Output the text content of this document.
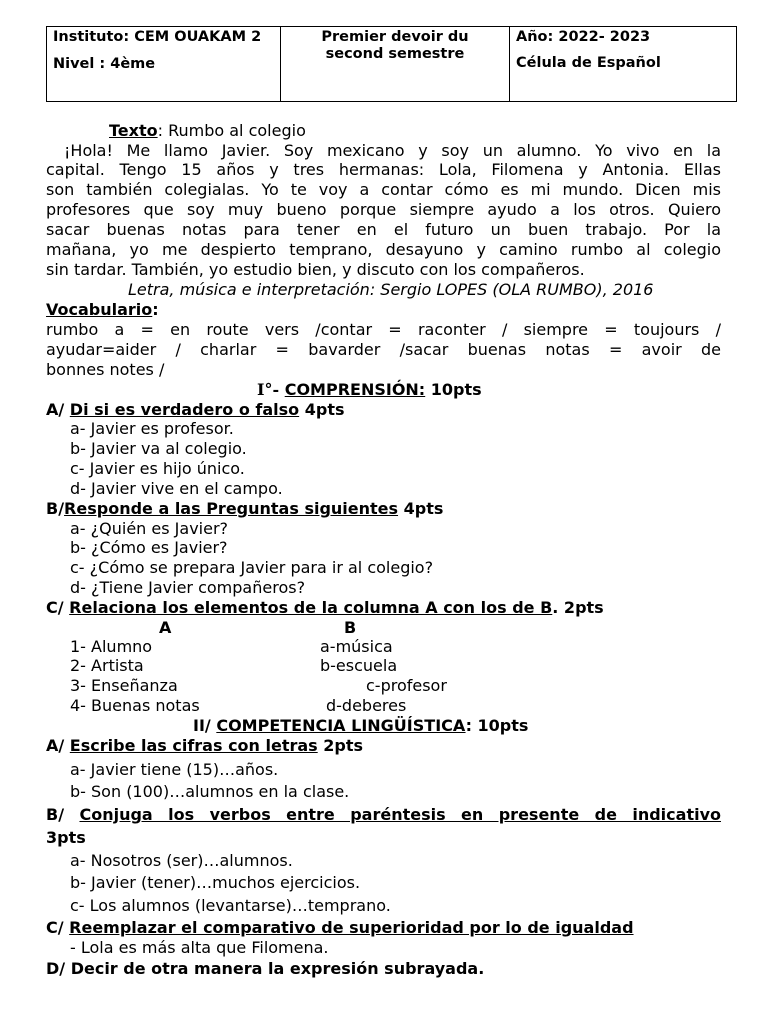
Instituto: CEM OUAKAM 2
Nivel : 4ème

Premier devoir du
second semestre

Año: 2022- 2023
Célula de Español
Texto: Rumbo al colegio
¡Hola! Me llamo Javier. Soy mexicano y soy un alumno. Yo vivo en la
capital. Tengo 15 años y tres hermanas: Lola, Filomena y Antonia. Ellas
son también colegialas. Yo te voy a contar cómo es mi mundo. Dicen mis
profesores que soy muy bueno porque siempre ayudo a los otros. Quiero
sacar buenas notas para tener en el futuro un buen trabajo. Por la
mañana, yo me despierto temprano, desayuno y camino rumbo al colegio
sin tardar. También, yo estudio bien, y discuto con los compañeros.
Letra, música e interpretación: Sergio LOPES (OLA RUMBO), 2016
Vocabulario:
rumbo a = en route vers /contar = raconter / siempre = toujours /
ayudar=aider / charlar = bavarder /sacar buenas notas = avoir de
bonnes notes /
I°- COMPRENSIÓN: 10pts
A/ Di si es verdadero o falso 4pts
a- Javier es profesor.
b- Javier va al colegio.
c- Javier es hijo único.
d- Javier vive en el campo.
B/Responde a las Preguntas siguientes 4pts
a- ¿Quién es Javier?
b- ¿Cómo es Javier?
c- ¿Cómo se prepara Javier para ir al colegio?
d- ¿Tiene Javier compañeros?
C/ Relaciona los elementos de la columna A con los de B. 2pts
A	B
1- Alumno	a-música
2- Artista	b-escuela
3- Enseñanza	c-profesor
4- Buenas notas	d-deberes
II/ COMPETENCIA LINGÜÍSTICA: 10pts
A/ Escribe las cifras con letras 2pts
a- Javier tiene (15)…años.
b- Son (100)…alumnos en la clase.
B/ Conjuga los verbos entre paréntesis en presente de indicativo
3pts
a- Nosotros (ser)…alumnos.
b- Javier (tener)…muchos ejercicios.
c- Los alumnos (levantarse)…temprano.
C/ Reemplazar el comparativo de superioridad por lo de igualdad
- Lola es más alta que Filomena.
D/ Decir de otra manera la expresión subrayada.
